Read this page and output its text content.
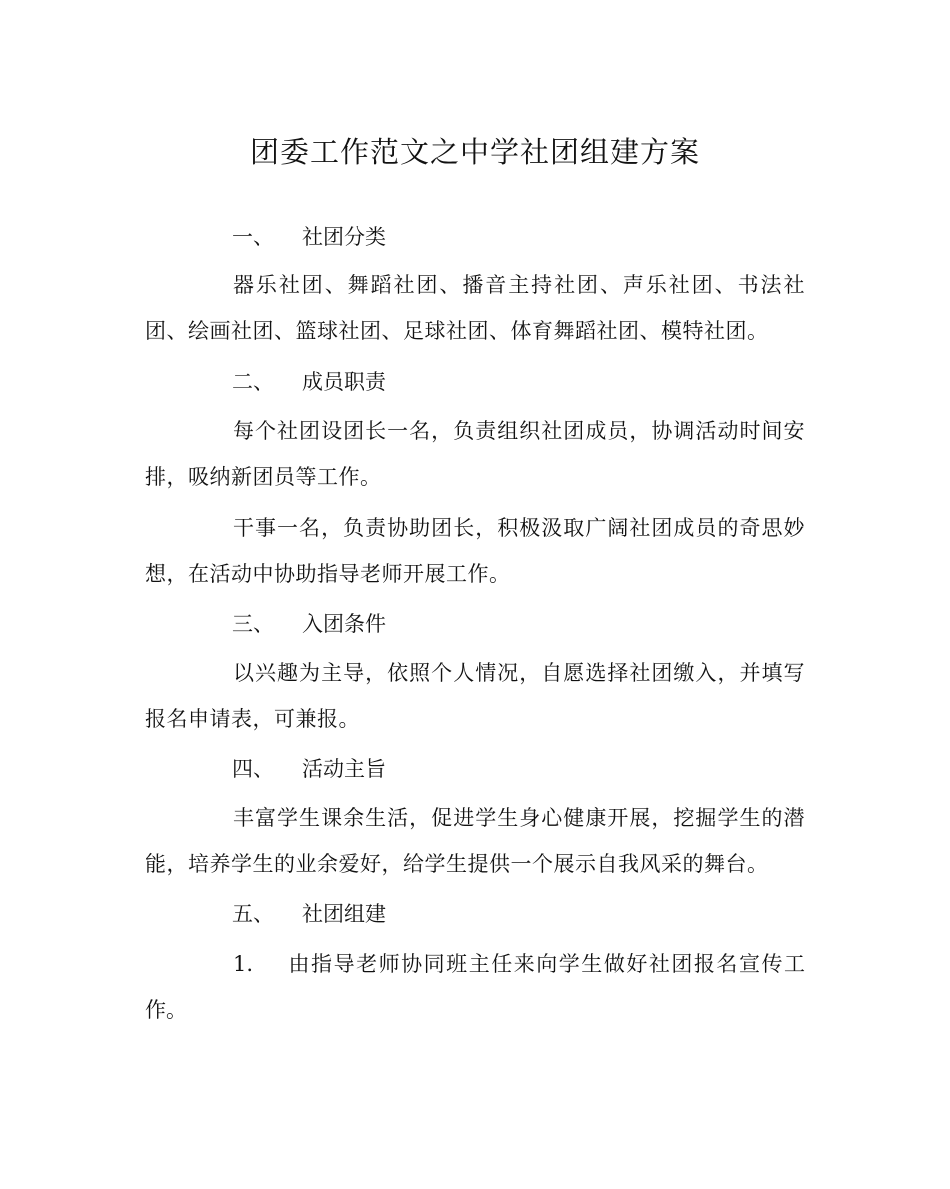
团委工作范文之中学社团组建方案
一、 社团分类

器乐社团、舞蹈社团、播音主持社团、声乐社团、书法社团、绘画社团、篮球社团、足球社团、体育舞蹈社团、模特社团。

二、 成员职责

每个社团设团长一名，负责组织社团成员，协调活动时间安排，吸纳新团员等工作。

干事一名，负责协助团长，积极汲取广阔社团成员的奇思妙想，在活动中协助指导老师开展工作。

三、 入团条件

以兴趣为主导，依照个人情况，自愿选择社团缴入，并填写报名申请表，可兼报。

四、 活动主旨

丰富学生课余生活，促进学生身心健康开展，挖掘学生的潜能，培养学生的业余爱好，给学生提供一个展示自我风采的舞台。

五、 社团组建

1. 由指导老师协同班主任来向学生做好社团报名宣传工作。
